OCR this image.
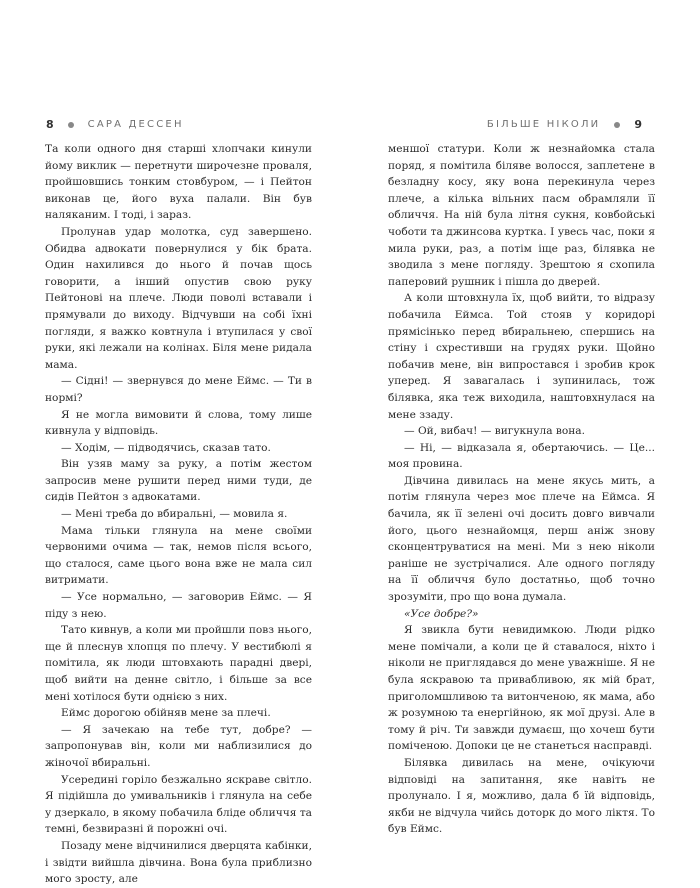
8	САРА ДЕССЕН

Та коли одного дня старші хлопчаки кинули йому виклик — перетнути широчезне проваля, пройшовшись тонким стовбуром, — і Пейтон виконав це, його вуха палали. Він був наляканим. І тоді, і зараз.

Пролунав удар молотка, суд завершено. Обидва адвокати повернулися у бік брата. Один нахилився до нього й почав щось говорити, а інший опустив свою руку Пейтонові на плече. Люди поволі вставали і прямували до виходу. Відчувши на собі їхні погляди, я важко ковтнула і втупилася у свої руки, які лежали на колінах. Біля мене ридала мама.

— Сідні! — звернувся до мене Еймс. — Ти в нормі?

Я не могла вимовити й слова, тому лише кивнула у відповідь.

— Ходім, — підводячись, сказав тато.

Він узяв маму за руку, а потім жестом запросив мене рушити перед ними туди, де сидів Пейтон з адвокатами.

— Мені треба до вбиральні, — мовила я.

Мама тільки глянула на мене своїми червоними очима — так, немов після всього, що сталося, саме цього вона вже не мала сил витримати.

— Усе нормально, — заговорив Еймс. — Я піду з нею.

Тато кивнув, а коли ми пройшли повз нього, ще й плеснув хлопця по плечу. У вестибюлі я помітила, як люди штовхають парадні двері, щоб вийти на денне світло, і більше за все мені хотілося бути однією з них.

Еймс дорогою обійняв мене за плечі.

— Я зачекаю на тебе тут, добре? — запропонував він, коли ми наблизилися до жіночої вбиральні.

Усередині горіло безжально яскраве світло. Я підійшла до умивальників і глянула на себе у дзеркало, в якому побачила бліде обличчя та темні, безвиразні й порожні очі.

Позаду мене відчинилися дверцята кабінки, і звідти вийшла дівчина. Вона була приблизно мого зросту, але

БІЛЬШЕ НІКОЛИ	9

меншої статури. Коли ж незнайомка стала поряд, я помітила біляве волосся, заплетене в безладну косу, яку вона перекинула через плече, а кілька вільних пасм обрамляли її обличчя. На ній була літня сукня, ковбойські чоботи та джинсова куртка. І увесь час, поки я мила руки, раз, а потім іще раз, білявка не зводила з мене погляду. Зрештою я схопила паперовий рушник і пішла до дверей.

А коли штовхнула їх, щоб вийти, то відразу побачила Еймса. Той стояв у коридорі прямісінько перед вбиральнею, спершись на стіну і схрестивши на грудях руки. Щойно побачив мене, він випростався і зробив крок уперед. Я завагалась і зупинилась, тож білявка, яка теж виходила, наштовхнулася на мене ззаду.

— Ой, вибач! — вигукнула вона.

— Ні, — відказала я, обертаючись. — Це... моя провина.

Дівчина дивилась на мене якусь мить, а потім глянула через моє плече на Еймса. Я бачила, як її зелені очі досить довго вивчали його, цього незнайомця, перш аніж знову сконцентруватися на мені. Ми з нею ніколи раніше не зустрічалися. Але одного погляду на її обличчя було достатньо, щоб точно зрозуміти, про що вона думала.

«Усе добре?»

Я звикла бути невидимкою. Люди рідко мене помічали, а коли це й ставалося, ніхто і ніколи не приглядався до мене уважніше. Я не була яскравою та привабливою, як мій брат, приголомшливою та витонченою, як мама, або ж розумною та енергійною, як мої друзі. Але в тому й річ. Ти завжди думаєш, що хочеш бути поміченою. Допоки це не станеться насправді.

Білявка дивилась на мене, очікуючи відповіді на запитання, яке навіть не пролунало. І я, можливо, дала б їй відповідь, якби не відчула чийсь доторк до мого ліктя. То був Еймс.
